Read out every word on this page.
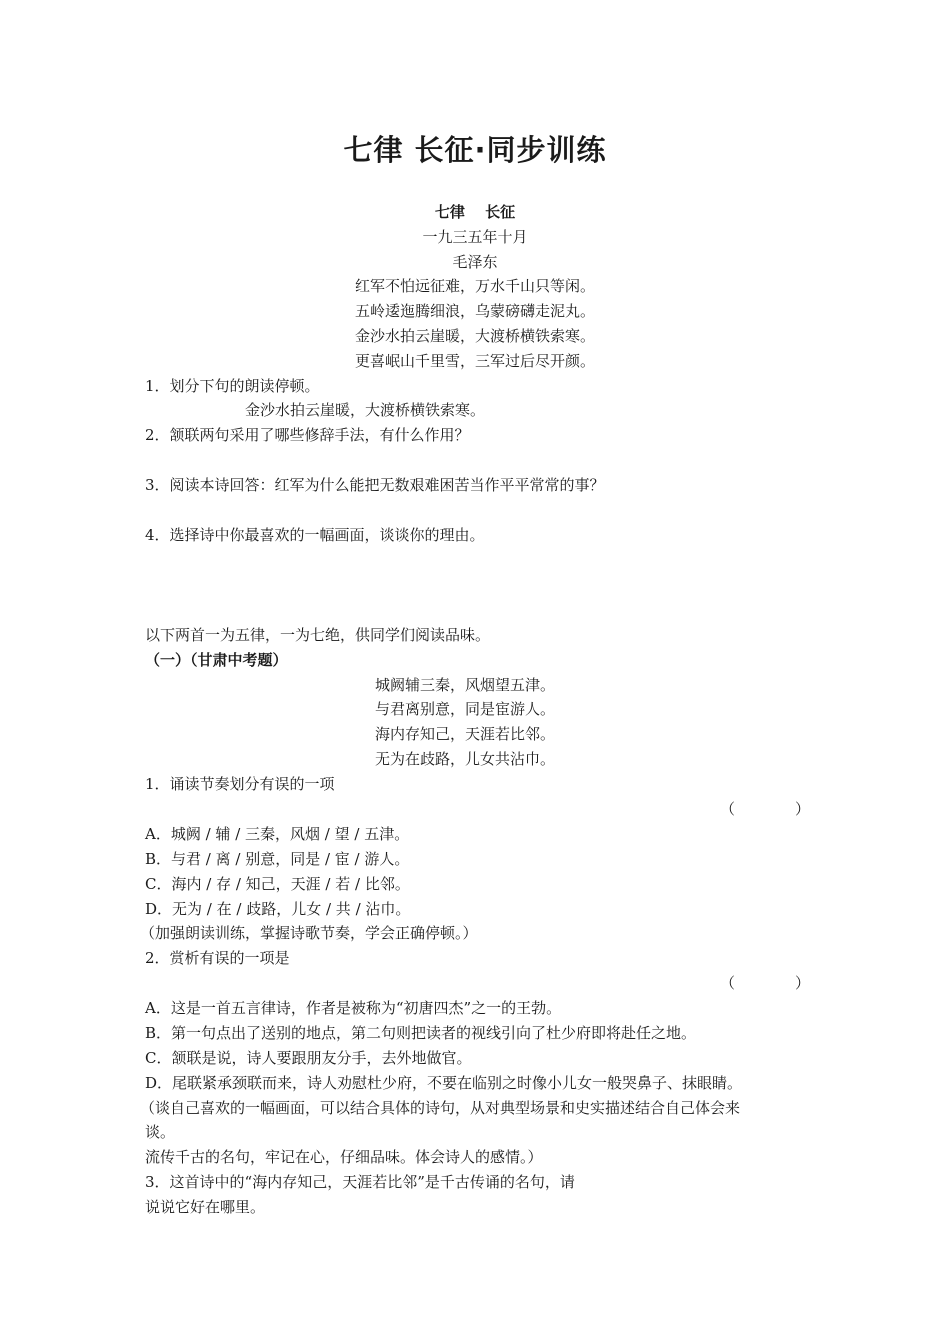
七律 长征·同步训练
七律　 长征
一九三五年十月
毛泽东
红军不怕远征难，万水千山只等闲。
五岭逶迤腾细浪，乌蒙磅礴走泥丸。
金沙水拍云崖暖，大渡桥横铁索寒。
更喜岷山千里雪，三军过后尽开颜。
1．划分下句的朗读停顿。
金沙水拍云崖暖，大渡桥横铁索寒。
2．颔联两句采用了哪些修辞手法，有什么作用？
3．阅读本诗回答：红军为什么能把无数艰难困苦当作平平常常的事？
4．选择诗中你最喜欢的一幅画面，谈谈你的理由。
以下两首一为五律，一为七绝，供同学们阅读品味。
（一）（甘肃中考题）
城阙辅三秦，风烟望五津。
与君离别意，同是宦游人。
海内存知己，天涯若比邻。
无为在歧路，儿女共沾巾。
1．诵读节奏划分有误的一项
（　　　　）
A．城阙 / 辅 / 三秦，风烟 / 望 / 五津。
B．与君 / 离 / 别意，同是 / 宦 / 游人。
C．海内 / 存 / 知己，天涯 / 若 / 比邻。
D．无为 / 在 / 歧路，儿女 / 共 / 沾巾。
（加强朗读训练，掌握诗歌节奏，学会正确停顿。）
2．赏析有误的一项是
（　　　　）
A．这是一首五言律诗，作者是被称为“初唐四杰”之一的王勃。
B．第一句点出了送别的地点，第二句则把读者的视线引向了杜少府即将赴任之地。
C．颔联是说，诗人要跟朋友分手，去外地做官。
D．尾联紧承颈联而来，诗人劝慰杜少府，不要在临别之时像小儿女一般哭鼻子、抹眼睛。
（谈自己喜欢的一幅画面，可以结合具体的诗句，从对典型场景和史实描述结合自己体会来
谈。
流传千古的名句，牢记在心，仔细品味。体会诗人的感情。）
3．这首诗中的“海内存知己，天涯若比邻”是千古传诵的名句，请
说说它好在哪里。
